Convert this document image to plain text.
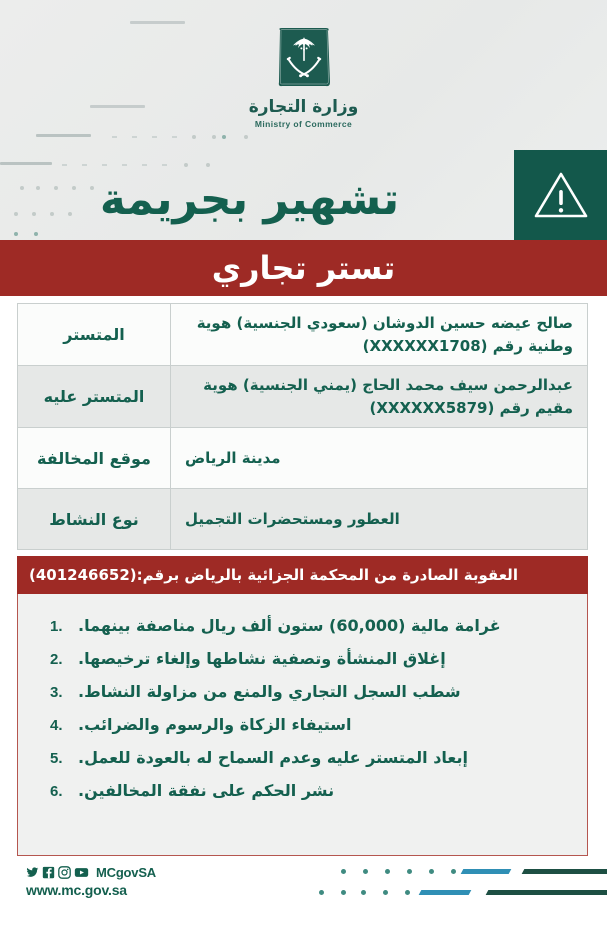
وزارة التجارة
Ministry of Commerce
تشهير بجريمة
تستر تجاري
صالح عيضه حسين الدوشان (سعودي الجنسية) هوية وطنية رقم (XXXXXX1708)
المتستر
عبدالرحمن سيف محمد الحاج (يمني الجنسية) هوية مقيم رقم (XXXXXX5879)
المتستر عليه
مدينة الرياض
موقع المخالفة
العطور ومستحضرات التجميل
نوع النشاط
العقوبة الصادرة من المحكمة الجزائية بالرياض برقم:(401246652)
غرامة مالية (60,000) ستون ألف ريال مناصفة بينهما.
1.
إغلاق المنشأة وتصفية نشاطها وإلغاء ترخيصها.
2.
شطب السجل التجاري والمنع من مزاولة النشاط.
3.
استيفاء الزكاة والرسوم والضرائب.
4.
إبعاد المتستر عليه وعدم السماح له بالعودة للعمل.
5.
نشر الحكم على نفقة المخالفين.
6.
MCgovSA
www.mc.gov.sa
